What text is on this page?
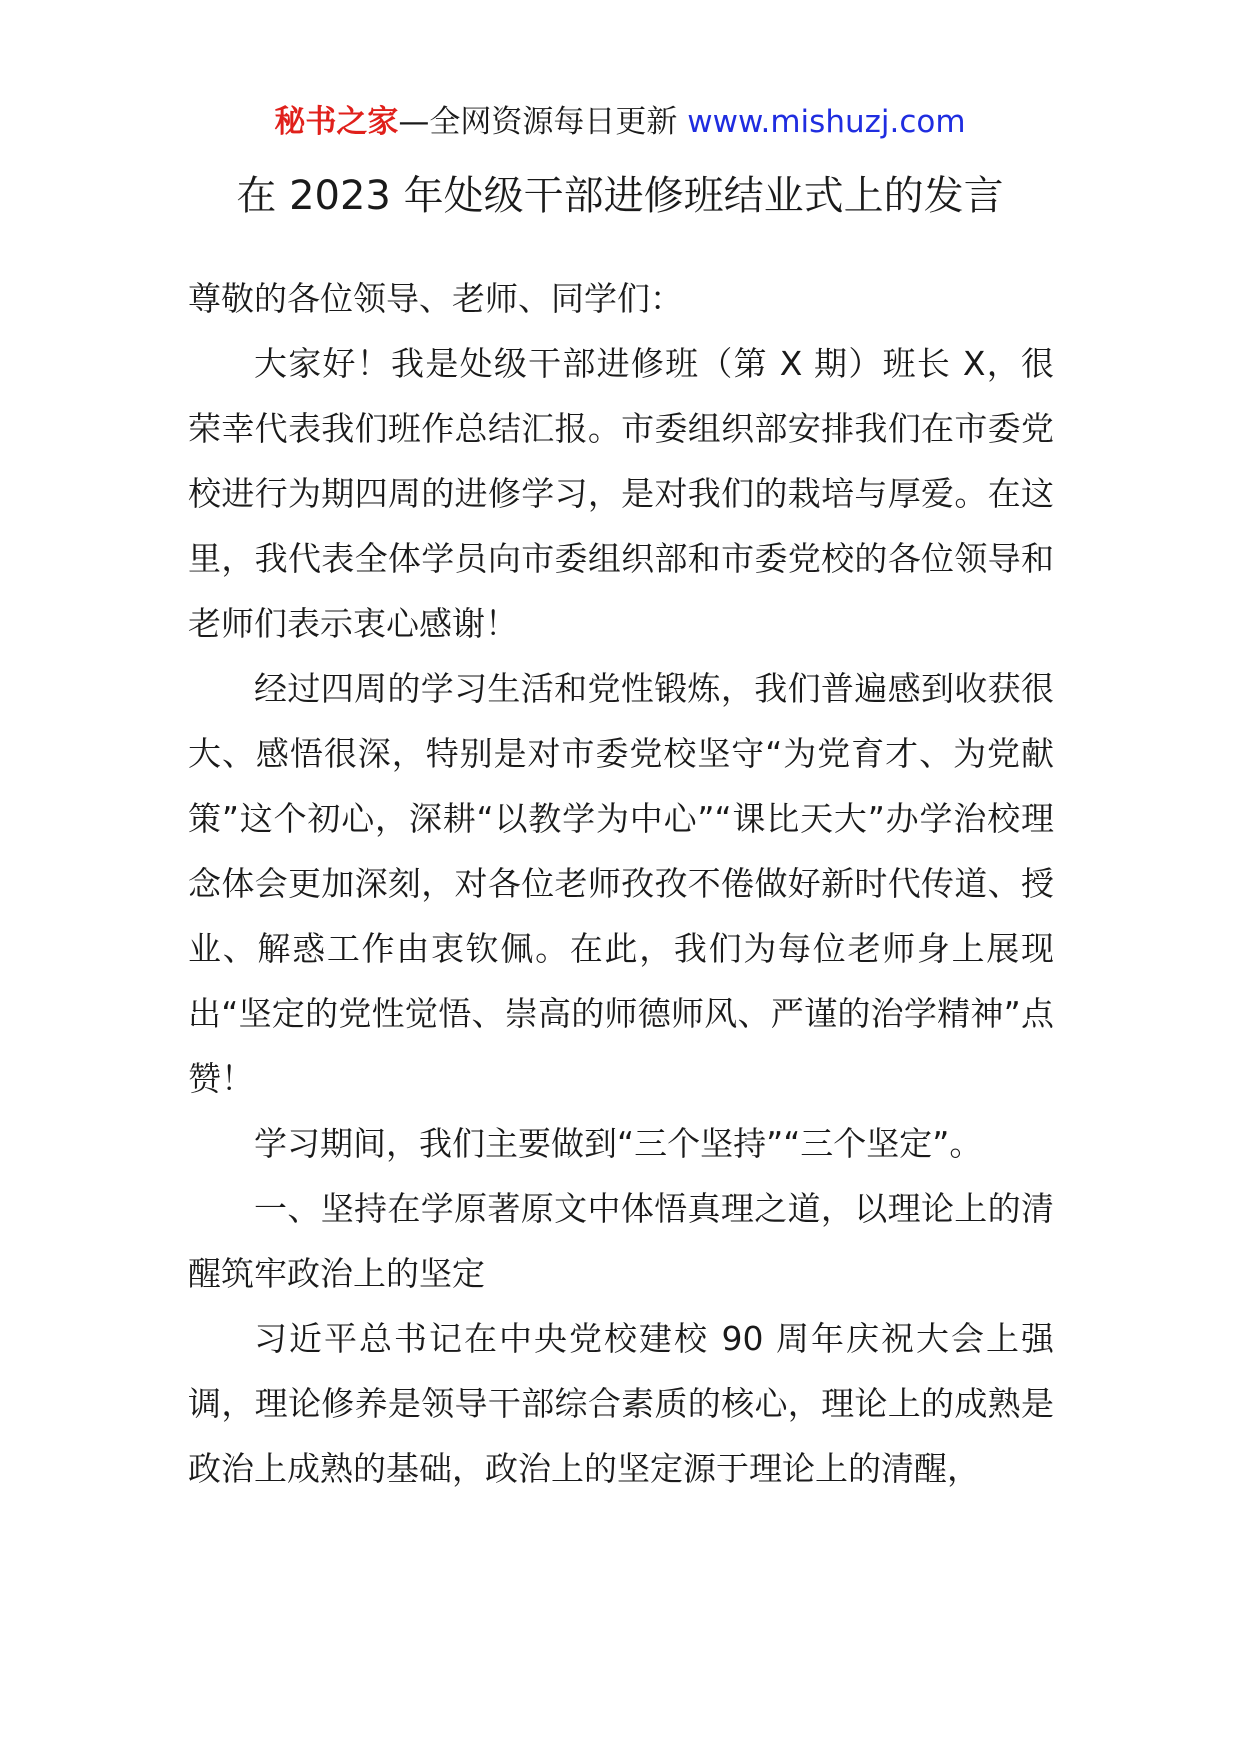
秘书之家—全网资源每日更新 www.mishuzj.com
在 2023 年处级干部进修班结业式上的发言

尊敬的各位领导、老师、同学们：

大家好！我是处级干部进修班（第 X 期）班长 X，很荣幸代表我们班作总结汇报。市委组织部安排我们在市委党校进行为期四周的进修学习，是对我们的栽培与厚爱。在这里，我代表全体学员向市委组织部和市委党校的各位领导和老师们表示衷心感谢！

经过四周的学习生活和党性锻炼，我们普遍感到收获很大、感悟很深，特别是对市委党校坚守“为党育才、为党献策”这个初心，深耕“以教学为中心”“课比天大”办学治校理念体会更加深刻，对各位老师孜孜不倦做好新时代传道、授业、解惑工作由衷钦佩。在此，我们为每位老师身上展现出“坚定的党性觉悟、崇高的师德师风、严谨的治学精神”点赞！

学习期间，我们主要做到“三个坚持”“三个坚定”。

一、坚持在学原著原文中体悟真理之道，以理论上的清醒筑牢政治上的坚定

习近平总书记在中央党校建校 90 周年庆祝大会上强调，理论修养是领导干部综合素质的核心，理论上的成熟是政治上成熟的基础，政治上的坚定源于理论上的清醒，
